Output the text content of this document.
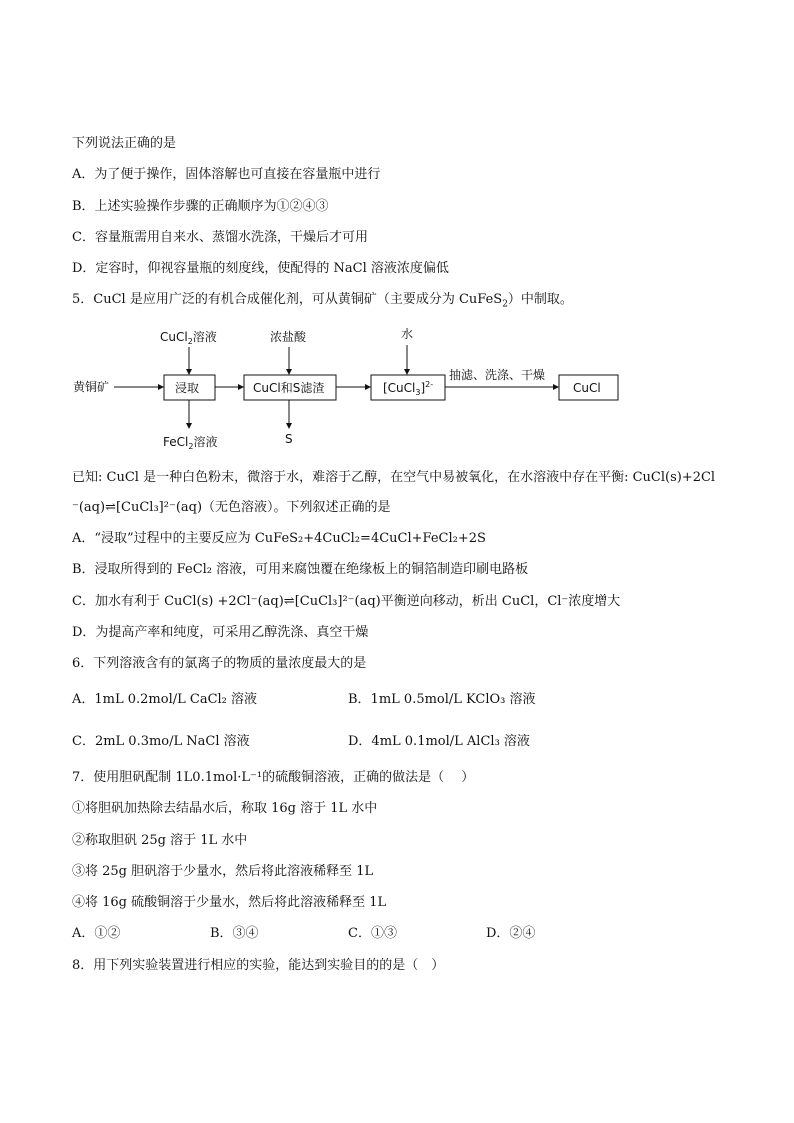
下列说法正确的是
A．为了便于操作，固体溶解也可直接在容量瓶中进行
B．上述实验操作步骤的正确顺序为①②④③
C．容量瓶需用自来水、蒸馏水洗涤，干燥后才可用
D．定容时，仰视容量瓶的刻度线，使配得的 NaCl 溶液浓度偏低
5．CuCl 是应用广泛的有机合成催化剂，可从黄铜矿（主要成分为 CuFeS$_2$）中制取。
黄铜矿	浸取	CuCl和S滤渣	[CuCl$_3$]$^{2-}$
抽滤、洗涤、干燥
CuCl
CuCl$_2$溶液	浓盐酸	水
FeCl$_2$溶液	S
已知: CuCl 是一种白色粉末，微溶于水，难溶于乙醇，在空气中易被氧化，在水溶液中存在平衡: CuCl(s)+2Cl
⁻(aq)⇌[CuCl₃]²⁻(aq)（无色溶液）。下列叙述正确的是
A．“浸取”过程中的主要反应为 CuFeS₂+4CuCl₂=4CuCl+FeCl₂+2S
B．浸取所得到的 FeCl₂ 溶液，可用来腐蚀覆在绝缘板上的铜箔制造印刷电路板
C．加水有利于 CuCl(s) +2Cl⁻(aq)⇌[CuCl₃]²⁻(aq)平衡逆向移动，析出 CuCl，Cl⁻浓度增大
D．为提高产率和纯度，可采用乙醇洗涤、真空干燥
6．下列溶液含有的氯离子的物质的量浓度最大的是
A．1mL 0.2mol/L CaCl₂ 溶液	B．1mL 0.5mol/L KClO₃ 溶液
C．2mL 0.3mo/L NaCl 溶液	D．4mL 0.1mol/L AlCl₃ 溶液
7．使用胆矾配制 1L0.1mol·L⁻¹的硫酸铜溶液，正确的做法是（　 ）
①将胆矾加热除去结晶水后，称取 16g 溶于 1L 水中
②称取胆矾 25g 溶于 1L 水中
③将 25g 胆矾溶于少量水，然后将此溶液稀释至 1L
④将 16g 硫酸铜溶于少量水，然后将此溶液稀释至 1L
A．①②	B．③④	C．①③	D．②④
8．用下列实验装置进行相应的实验，能达到实验目的的是（　）
